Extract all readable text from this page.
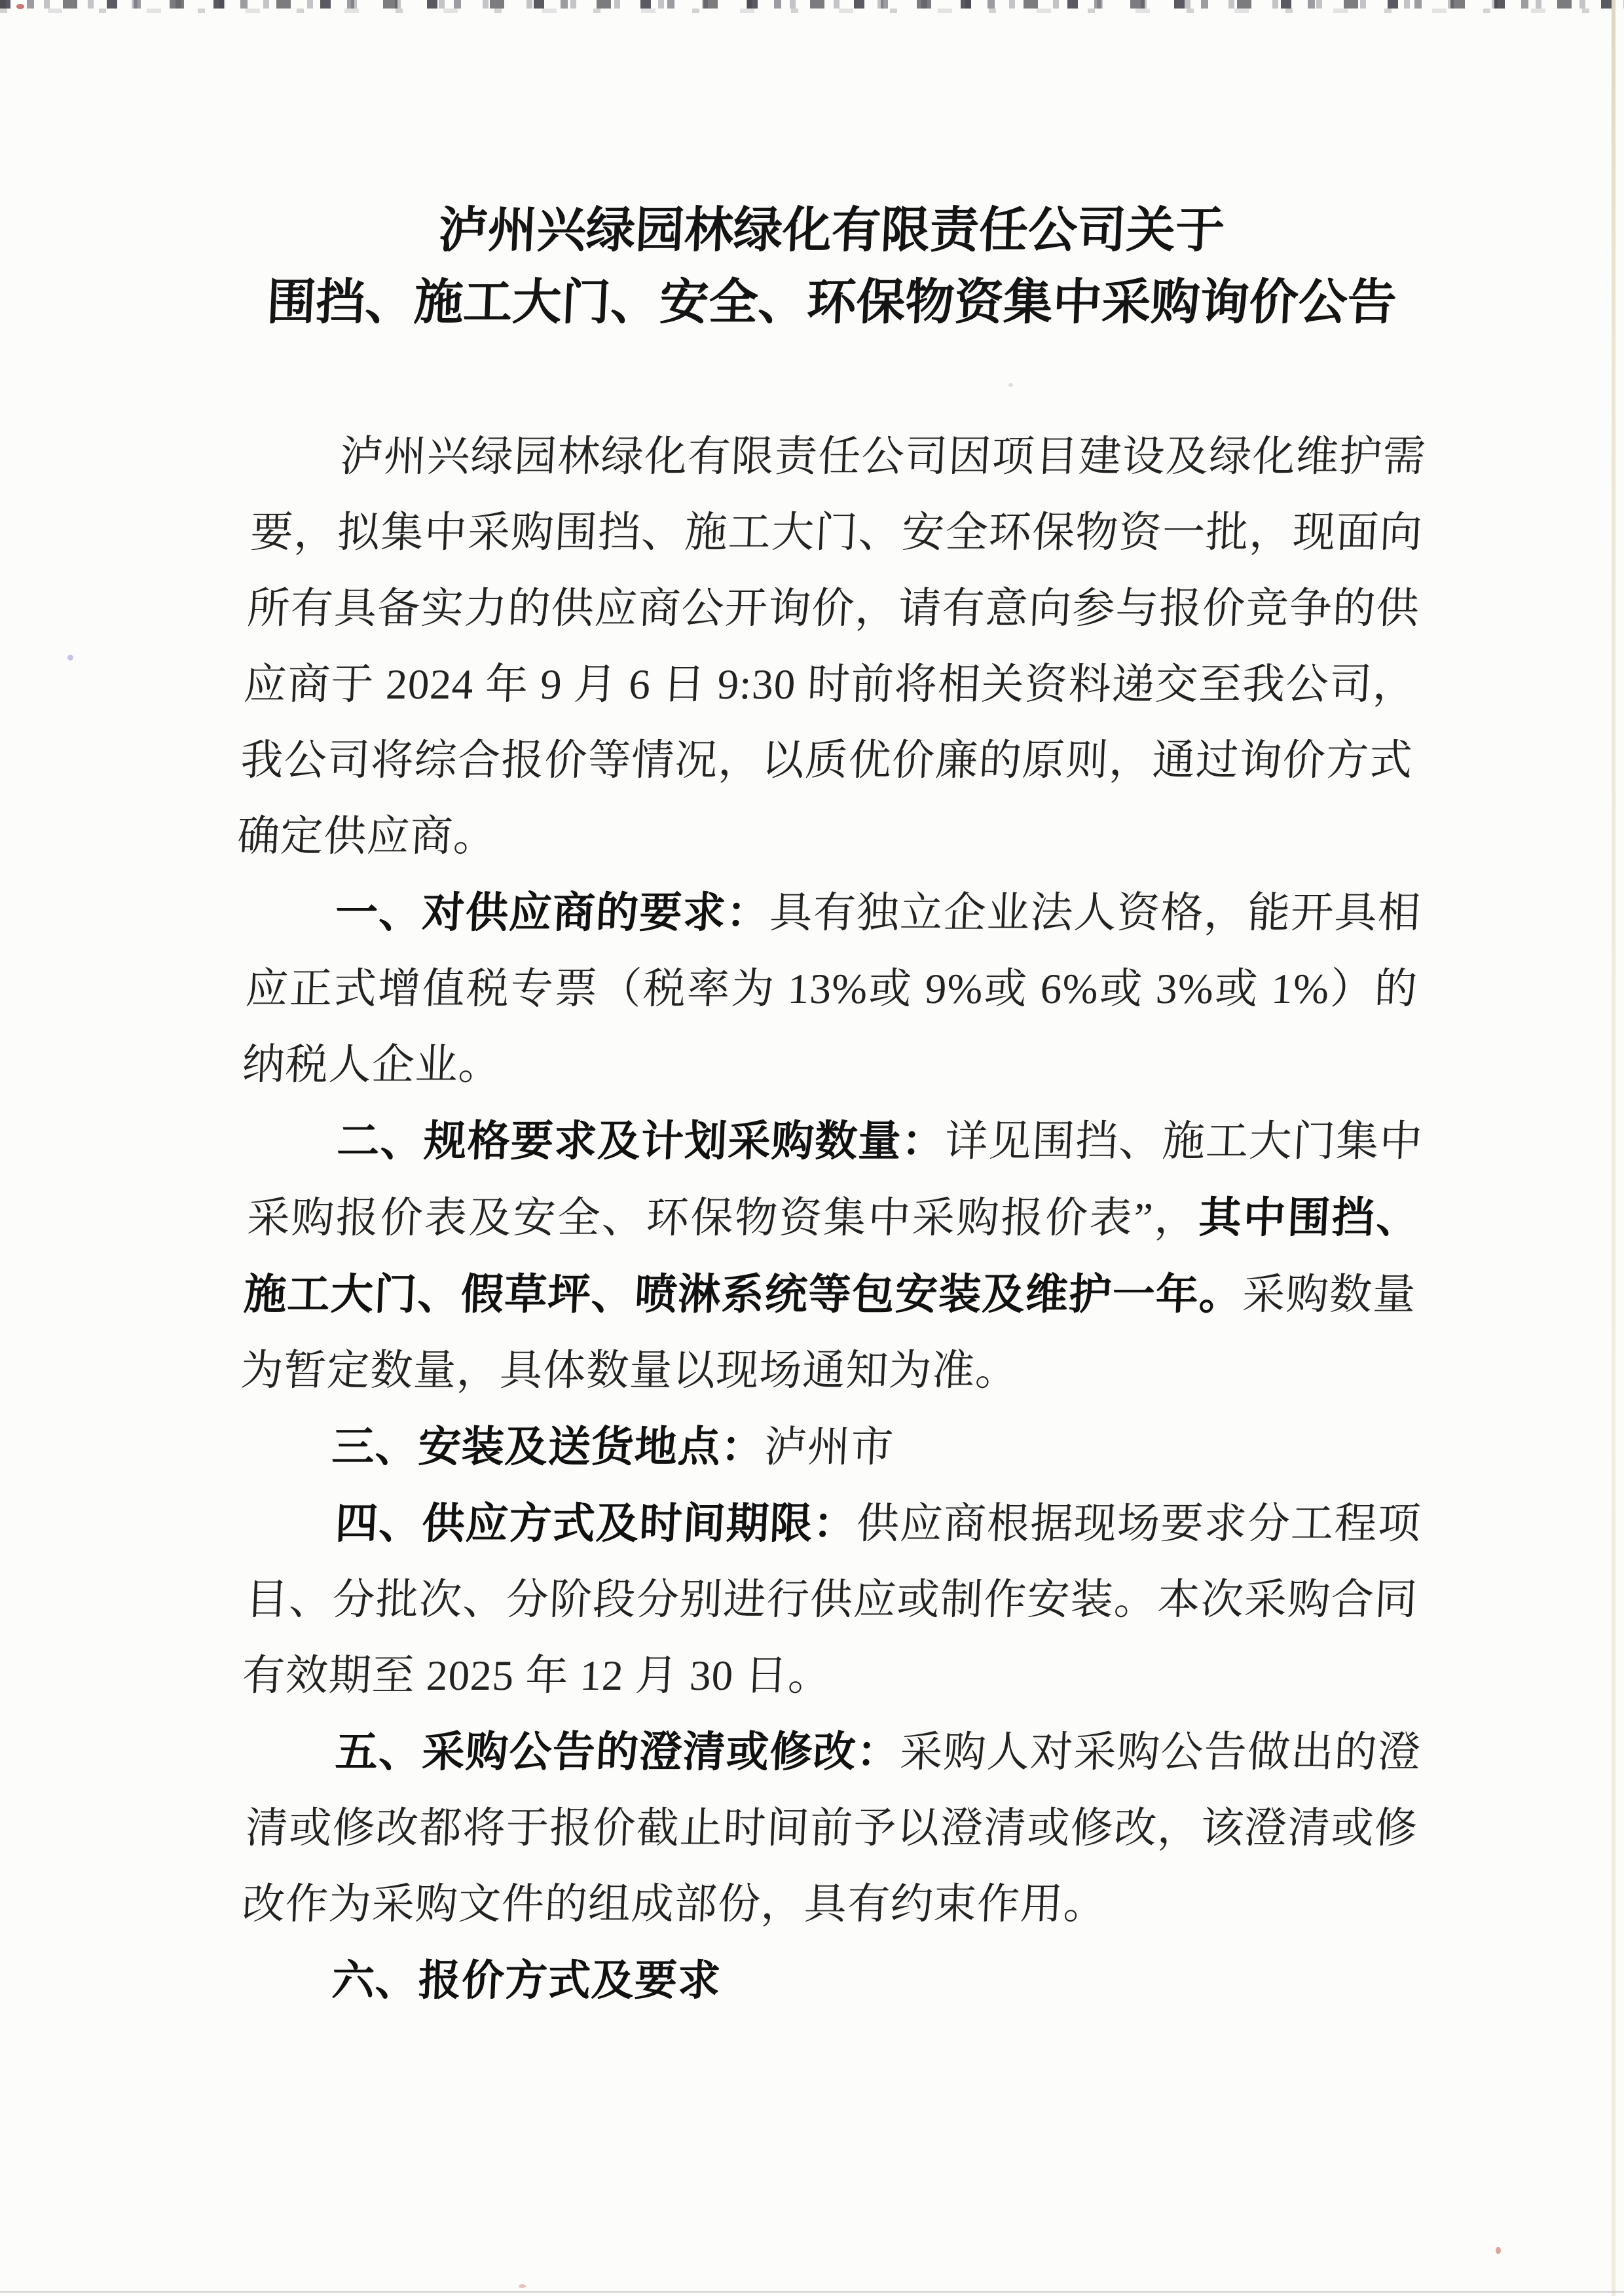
泸州兴绿园林绿化有限责任公司关于
围挡、施工大门、安全、环保物资集中采购询价公告

泸州兴绿园林绿化有限责任公司因项目建设及绿化维护需要，拟集中采购围挡、施工大门、安全环保物资一批，现面向所有具备实力的供应商公开询价，请有意向参与报价竞争的供应商于 2024 年 9 月 6 日 9:30 时前将相关资料递交至我公司，我公司将综合报价等情况，以质优价廉的原则，通过询价方式确定供应商。

一、对供应商的要求：具有独立企业法人资格，能开具相应正式增值税专票（税率为 13%或 9%或 6%或 3%或 1%）的纳税人企业。

二、规格要求及计划采购数量：详见围挡、施工大门集中采购报价表及安全、环保物资集中采购报价表”，其中围挡、施工大门、假草坪、喷淋系统等包安装及维护一年。采购数量为暂定数量，具体数量以现场通知为准。

三、安装及送货地点：泸州市

四、供应方式及时间期限：供应商根据现场要求分工程项目、分批次、分阶段分别进行供应或制作安装。本次采购合同有效期至 2025 年 12 月 30 日。

五、采购公告的澄清或修改：采购人对采购公告做出的澄清或修改都将于报价截止时间前予以澄清或修改，该澄清或修改作为采购文件的组成部份，具有约束作用。

六、报价方式及要求
